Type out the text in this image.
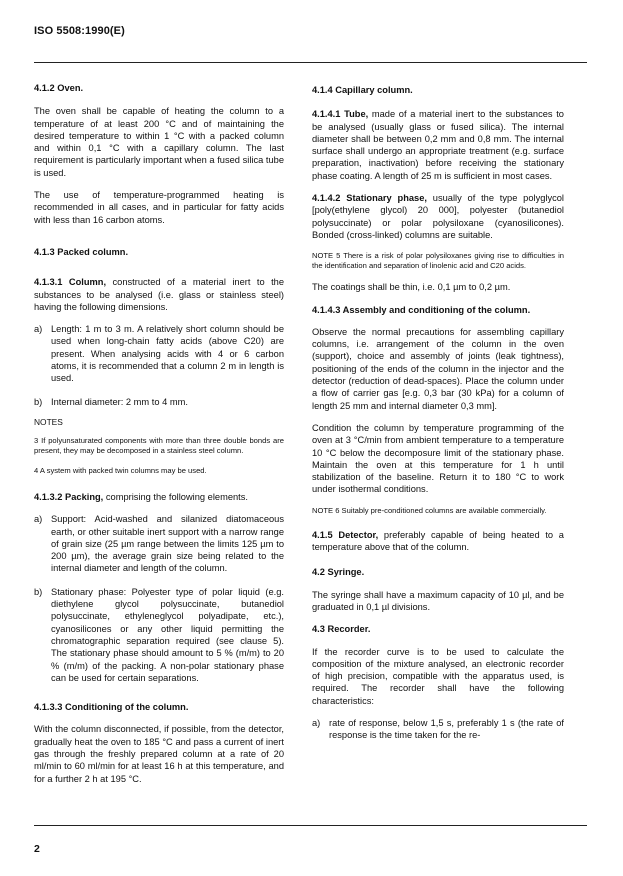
ISO 5508:1990(E)

4.1.2 Oven.

The oven shall be capable of heating the column to a temperature of at least 200 °C and of maintaining the desired temperature to within 1 °C with a packed column and within 0,1 °C with a capillary column. The last requirement is particularly important when a fused silica tube is used.

The use of temperature-programmed heating is recommended in all cases, and in particular for fatty acids with less than 16 carbon atoms.

4.1.3 Packed column.

4.1.3.1 Column, constructed of a material inert to the substances to be analysed (i.e. glass or stainless steel) having the following dimensions.

a) Length: 1 m to 3 m. A relatively short column should be used when long-chain fatty acids (above C20) are present. When analysing acids with 4 or 6 carbon atoms, it is recommended that a column 2 m in length is used.
b) Internal diameter: 2 mm to 4 mm.

NOTES

3 If polyunsaturated components with more than three double bonds are present, they may be decomposed in a stainless steel column.

4 A system with packed twin columns may be used.

4.1.3.2 Packing, comprising the following elements.

a) Support: Acid-washed and silanized diatomaceous earth, or other suitable inert support with a narrow range of grain size (25 µm range between the limits 125 µm to 200 µm), the average grain size being related to the internal diameter and length of the column.
b) Stationary phase: Polyester type of polar liquid (e.g. diethylene glycol polysuccinate, butanediol polysuccinate, ethyleneglycol polyadipate, etc.), cyanosilicones or any other liquid permitting the chromatographic separation required (see clause 5). The stationary phase should amount to 5 % (m/m) to 20 % (m/m) of the packing. A non-polar stationary phase can be used for certain separations.

4.1.3.3 Conditioning of the column.

With the column disconnected, if possible, from the detector, gradually heat the oven to 185 °C and pass a current of inert gas through the freshly prepared column at a rate of 20 ml/min to 60 ml/min for at least 16 h at this temperature, and for a further 2 h at 195 °C.

4.1.4 Capillary column.

4.1.4.1 Tube, made of a material inert to the substances to be analysed (usually glass or fused silica). The internal diameter shall be between 0,2 mm and 0,8 mm. The internal surface shall undergo an appropriate treatment (e.g. surface preparation, inactivation) before receiving the stationary phase coating. A length of 25 m is sufficient in most cases.

4.1.4.2 Stationary phase, usually of the type polyglycol [poly(ethylene glycol) 20 000], polyester (butanediol polysuccinate) or polar polysiloxane (cyanosilicones). Bonded (cross-linked) columns are suitable.

NOTE 5 There is a risk of polar polysiloxanes giving rise to difficulties in the identification and separation of linolenic acid and C20 acids.

The coatings shall be thin, i.e. 0,1 µm to 0,2 µm.

4.1.4.3 Assembly and conditioning of the column.

Observe the normal precautions for assembling capillary columns, i.e. arrangement of the column in the oven (support), choice and assembly of joints (leak tightness), positioning of the ends of the column in the injector and the detector (reduction of dead-spaces). Place the column under a flow of carrier gas [e.g. 0,3 bar (30 kPa) for a column of length 25 mm and internal diameter 0,3 mm].

Condition the column by temperature programming of the oven at 3 °C/min from ambient temperature to a temperature 10 °C below the decomposure limit of the stationary phase. Maintain the oven at this temperature for 1 h until stabilization of the baseline. Return it to 180 °C to work under isothermal conditions.

NOTE 6 Suitably pre-conditioned columns are available commercially.

4.1.5 Detector, preferably capable of being heated to a temperature above that of the column.

4.2 Syringe.

The syringe shall have a maximum capacity of 10 µl, and be graduated in 0,1 µl divisions.

4.3 Recorder.

If the recorder curve is to be used to calculate the composition of the mixture analysed, an electronic recorder of high precision, compatible with the apparatus used, is required. The recorder shall have the following characteristics:

a) rate of response, below 1,5 s, preferably 1 s (the rate of response is the time taken for the re-
2
